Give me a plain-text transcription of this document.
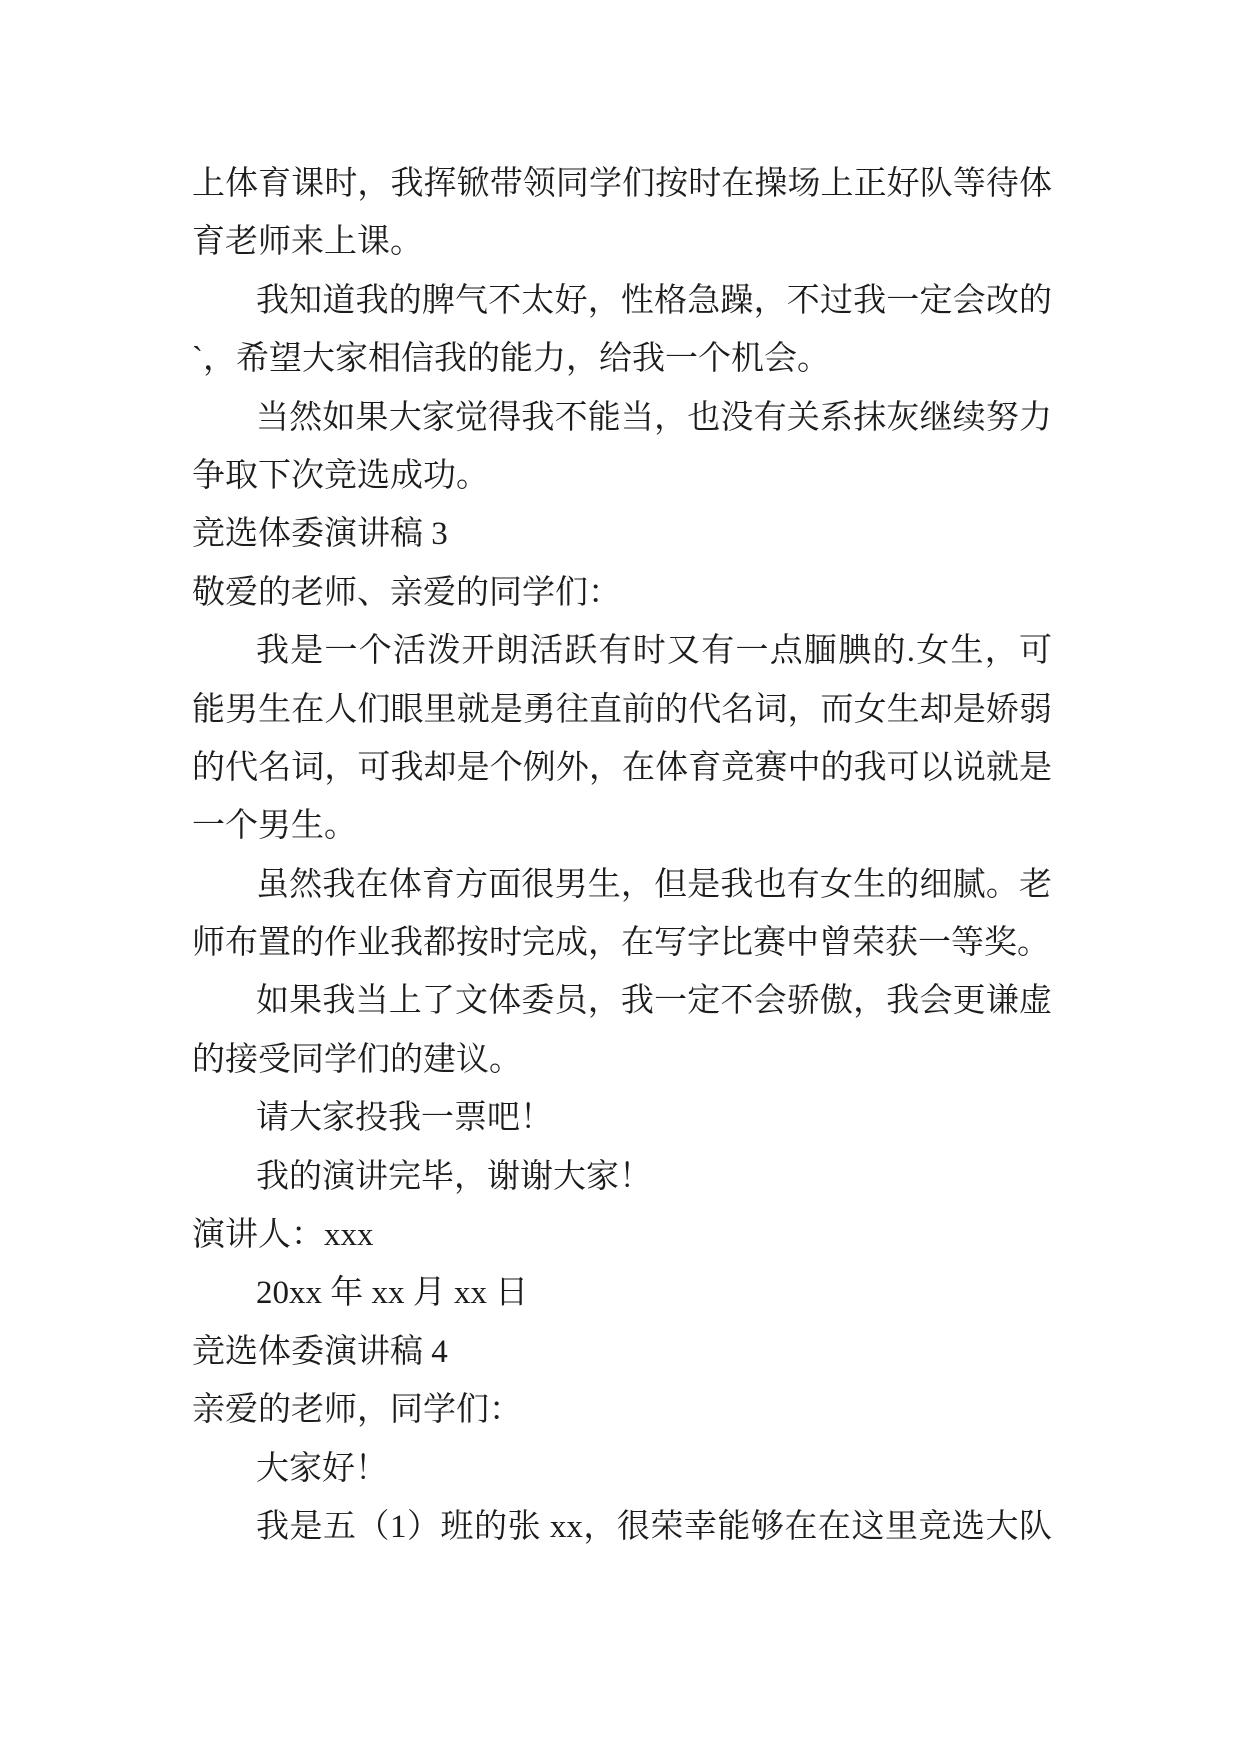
上体育课时，我挥锨带领同学们按时在操场上正好队等待体
育老师来上课。
我知道我的脾气不太好，性格急躁，不过我一定会改的
`，希望大家相信我的能力，给我一个机会。
当然如果大家觉得我不能当，也没有关系抹灰继续努力
争取下次竞选成功。
竞选体委演讲稿 3
敬爱的老师、亲爱的同学们：
我是一个活泼开朗活跃有时又有一点腼腆的.女生，可
能男生在人们眼里就是勇往直前的代名词，而女生却是娇弱
的代名词，可我却是个例外，在体育竞赛中的我可以说就是
一个男生。
虽然我在体育方面很男生，但是我也有女生的细腻。老
师布置的作业我都按时完成，在写字比赛中曾荣获一等奖。
如果我当上了文体委员，我一定不会骄傲，我会更谦虚
的接受同学们的建议。
请大家投我一票吧！
我的演讲完毕，谢谢大家！
演讲人：xxx
20xx 年 xx 月 xx 日
竞选体委演讲稿 4
亲爱的老师，同学们：
大家好！
我是五（1）班的张 xx，很荣幸能够在在这里竞选大队
